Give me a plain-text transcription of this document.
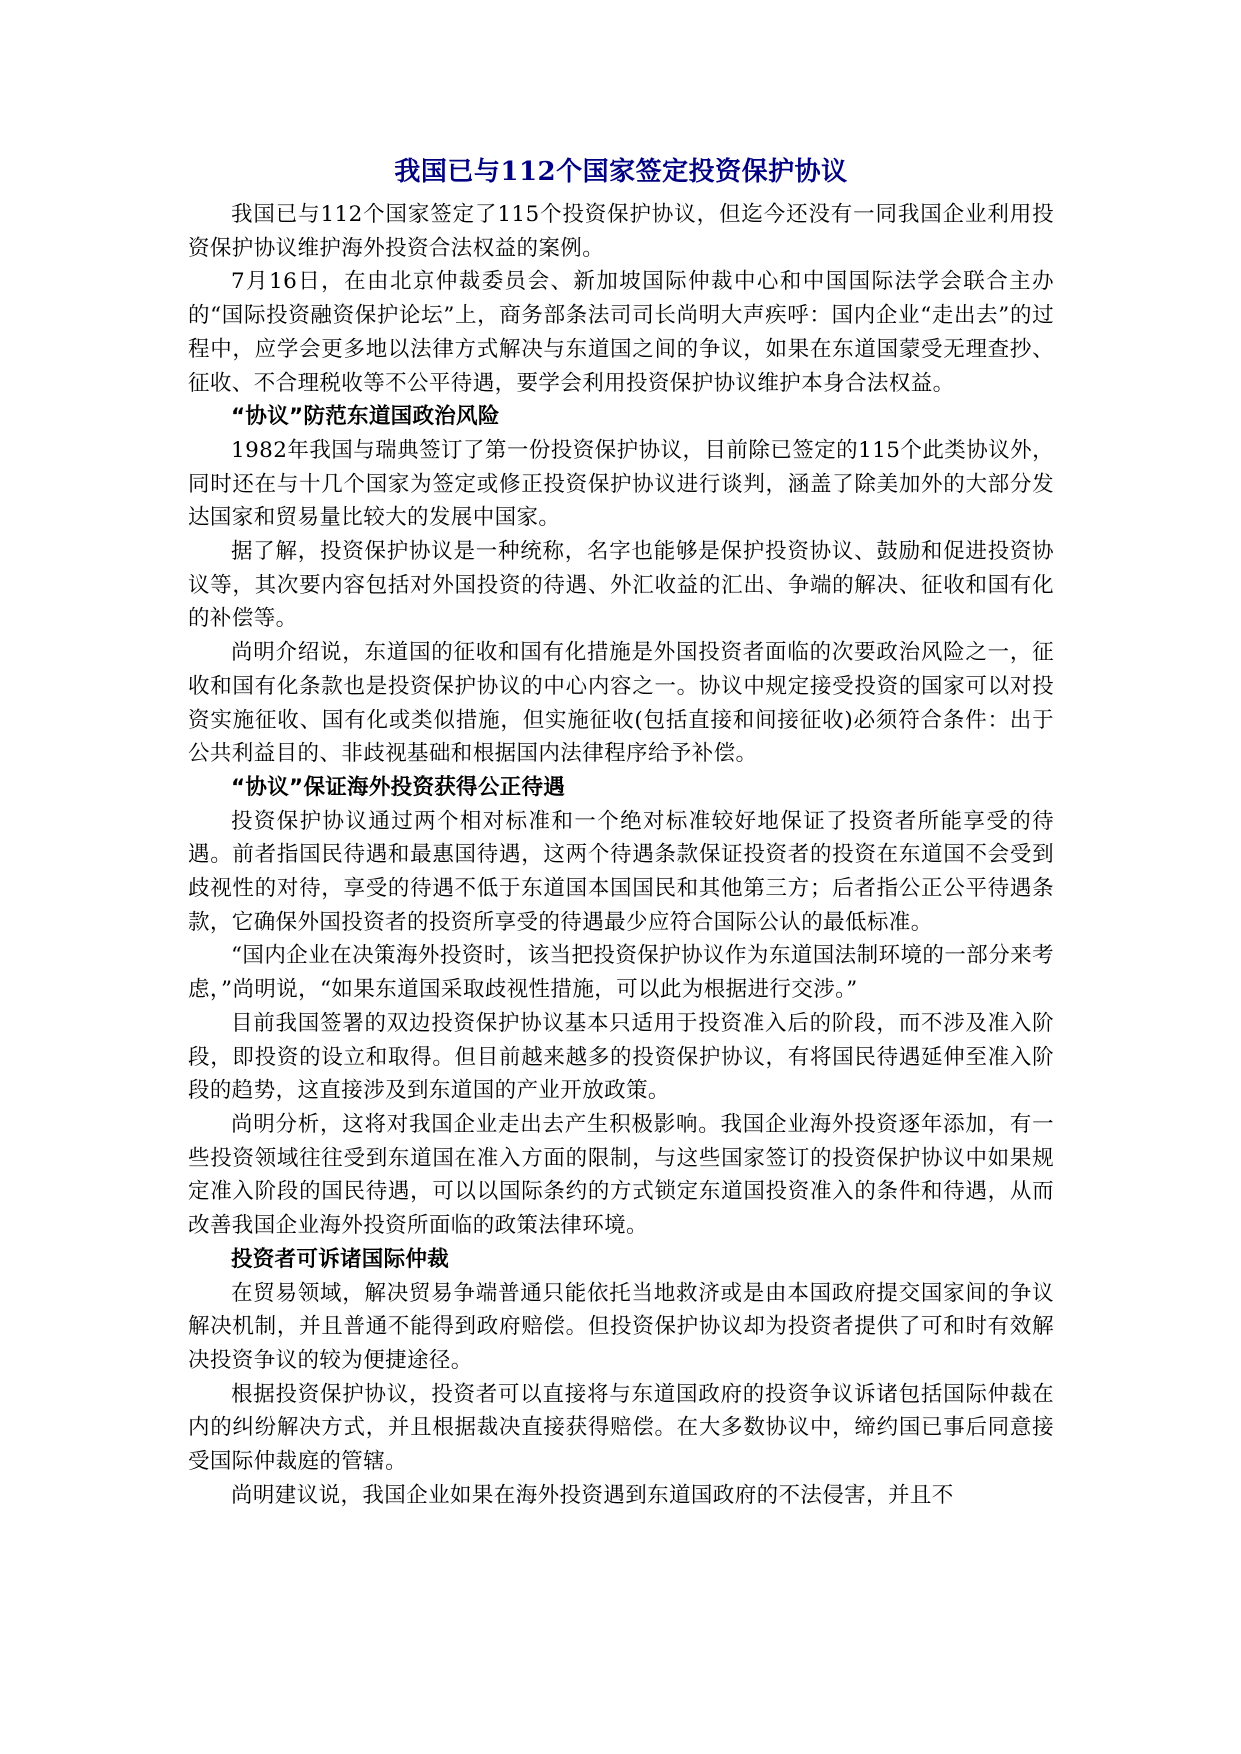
我国已与112个国家签定投资保护协议

我国已与112个国家签定了115个投资保护协议，但迄今还没有一同我国企业利用投资保护协议维护海外投资合法权益的案例。

7月16日，在由北京仲裁委员会、新加坡国际仲裁中心和中国国际法学会联合主办的“国际投资融资保护论坛”上，商务部条法司司长尚明大声疾呼：国内企业“走出去”的过程中，应学会更多地以法律方式解决与东道国之间的争议，如果在东道国蒙受无理查抄、征收、不合理税收等不公平待遇，要学会利用投资保护协议维护本身合法权益。

“协议”防范东道国政治风险

1982年我国与瑞典签订了第一份投资保护协议，目前除已签定的115个此类协议外，同时还在与十几个国家为签定或修正投资保护协议进行谈判，涵盖了除美加外的大部分发达国家和贸易量比较大的发展中国家。

据了解，投资保护协议是一种统称，名字也能够是保护投资协议、鼓励和促进投资协议等，其次要内容包括对外国投资的待遇、外汇收益的汇出、争端的解决、征收和国有化的补偿等。

尚明介绍说，东道国的征收和国有化措施是外国投资者面临的次要政治风险之一，征收和国有化条款也是投资保护协议的中心内容之一。协议中规定接受投资的国家可以对投资实施征收、国有化或类似措施，但实施征收(包括直接和间接征收)必须符合条件：出于公共利益目的、非歧视基础和根据国内法律程序给予补偿。

“协议”保证海外投资获得公正待遇

投资保护协议通过两个相对标准和一个绝对标准较好地保证了投资者所能享受的待遇。前者指国民待遇和最惠国待遇，这两个待遇条款保证投资者的投资在东道国不会受到歧视性的对待，享受的待遇不低于东道国本国国民和其他第三方；后者指公正公平待遇条款，它确保外国投资者的投资所享受的待遇最少应符合国际公认的最低标准。

“国内企业在决策海外投资时，该当把投资保护协议作为东道国法制环境的一部分来考虑，”尚明说，“如果东道国采取歧视性措施，可以此为根据进行交涉。”

目前我国签署的双边投资保护协议基本只适用于投资准入后的阶段，而不涉及准入阶段，即投资的设立和取得。但目前越来越多的投资保护协议，有将国民待遇延伸至准入阶段的趋势，这直接涉及到东道国的产业开放政策。

尚明分析，这将对我国企业走出去产生积极影响。我国企业海外投资逐年添加，有一些投资领域往往受到东道国在准入方面的限制，与这些国家签订的投资保护协议中如果规定准入阶段的国民待遇，可以以国际条约的方式锁定东道国投资准入的条件和待遇，从而改善我国企业海外投资所面临的政策法律环境。

投资者可诉诸国际仲裁

在贸易领域，解决贸易争端普通只能依托当地救济或是由本国政府提交国家间的争议解决机制，并且普通不能得到政府赔偿。但投资保护协议却为投资者提供了可和时有效解决投资争议的较为便捷途径。

根据投资保护协议，投资者可以直接将与东道国政府的投资争议诉诸包括国际仲裁在内的纠纷解决方式，并且根据裁决直接获得赔偿。在大多数协议中，缔约国已事后同意接受国际仲裁庭的管辖。

尚明建议说，我国企业如果在海外投资遇到东道国政府的不法侵害，并且不
